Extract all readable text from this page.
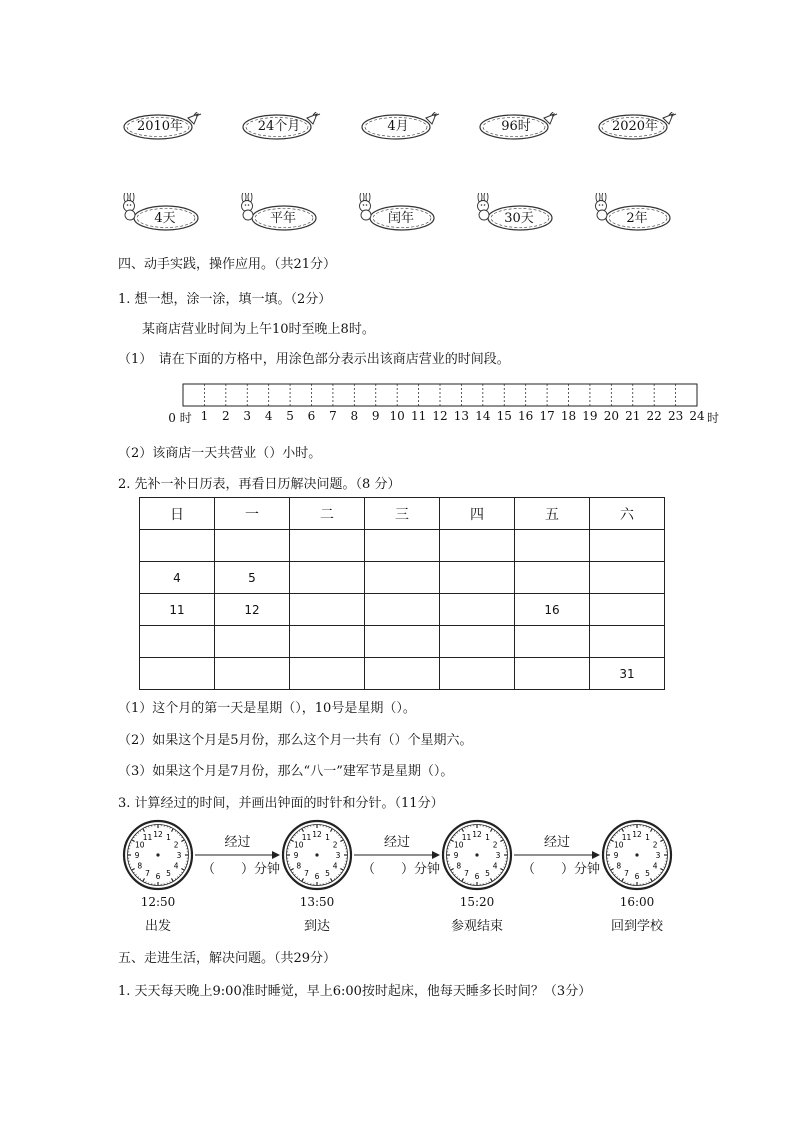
2010年	24个月	4月	96时	2020年
4天	平年	闰年	30天	2年
四、动手实践，操作应用。（共21分）
1. 想一想，涂一涂，填一填。（2分）
某商店营业时间为上午10时至晚上8时。
（1）　请在下面的方格中，用涂色部分表示出该商店营业的时间段。
0 时 1 2 3 4 5 6 7 8 9 10 11 12 13 14 15 16 17 18 19 20 21 22 23 24 时
（2）该商店一天共营业（）小时。
2. 先补一补日历表，再看日历解决问题。（8 分）
日	一	二	三	四	五	六

4	5					
11	12				16	

						31
（1）这个月的第一天是星期（），10号是星期（）。
（2）如果这个月是5月份，那么这个月一共有（）个星期六。
（3）如果这个月是7月份，那么“八一”建军节是星期（）。
3. 计算经过的时间，并画出钟面的时针和分针。（11分）
1
2
3
4
5
6
7
8
9
10
11 12
12:50
出发
经过
（　　）分钟
1
2
3
4
5
6
7
8
9
10
11 12
13:50
到达
经过
（　　）分钟
1
2
3
4
5
6
7
8
9
10
11 12
15:20
参观结束
经过
（　　）分钟
1
2
3
4
5
6
7
8
9
10
11 12
16:00
回到学校
五、走进生活，解决问题。（共29分）
1. 天天每天晚上9:00准时睡觉，早上6:00按时起床，他每天睡多长时间？（3分）
